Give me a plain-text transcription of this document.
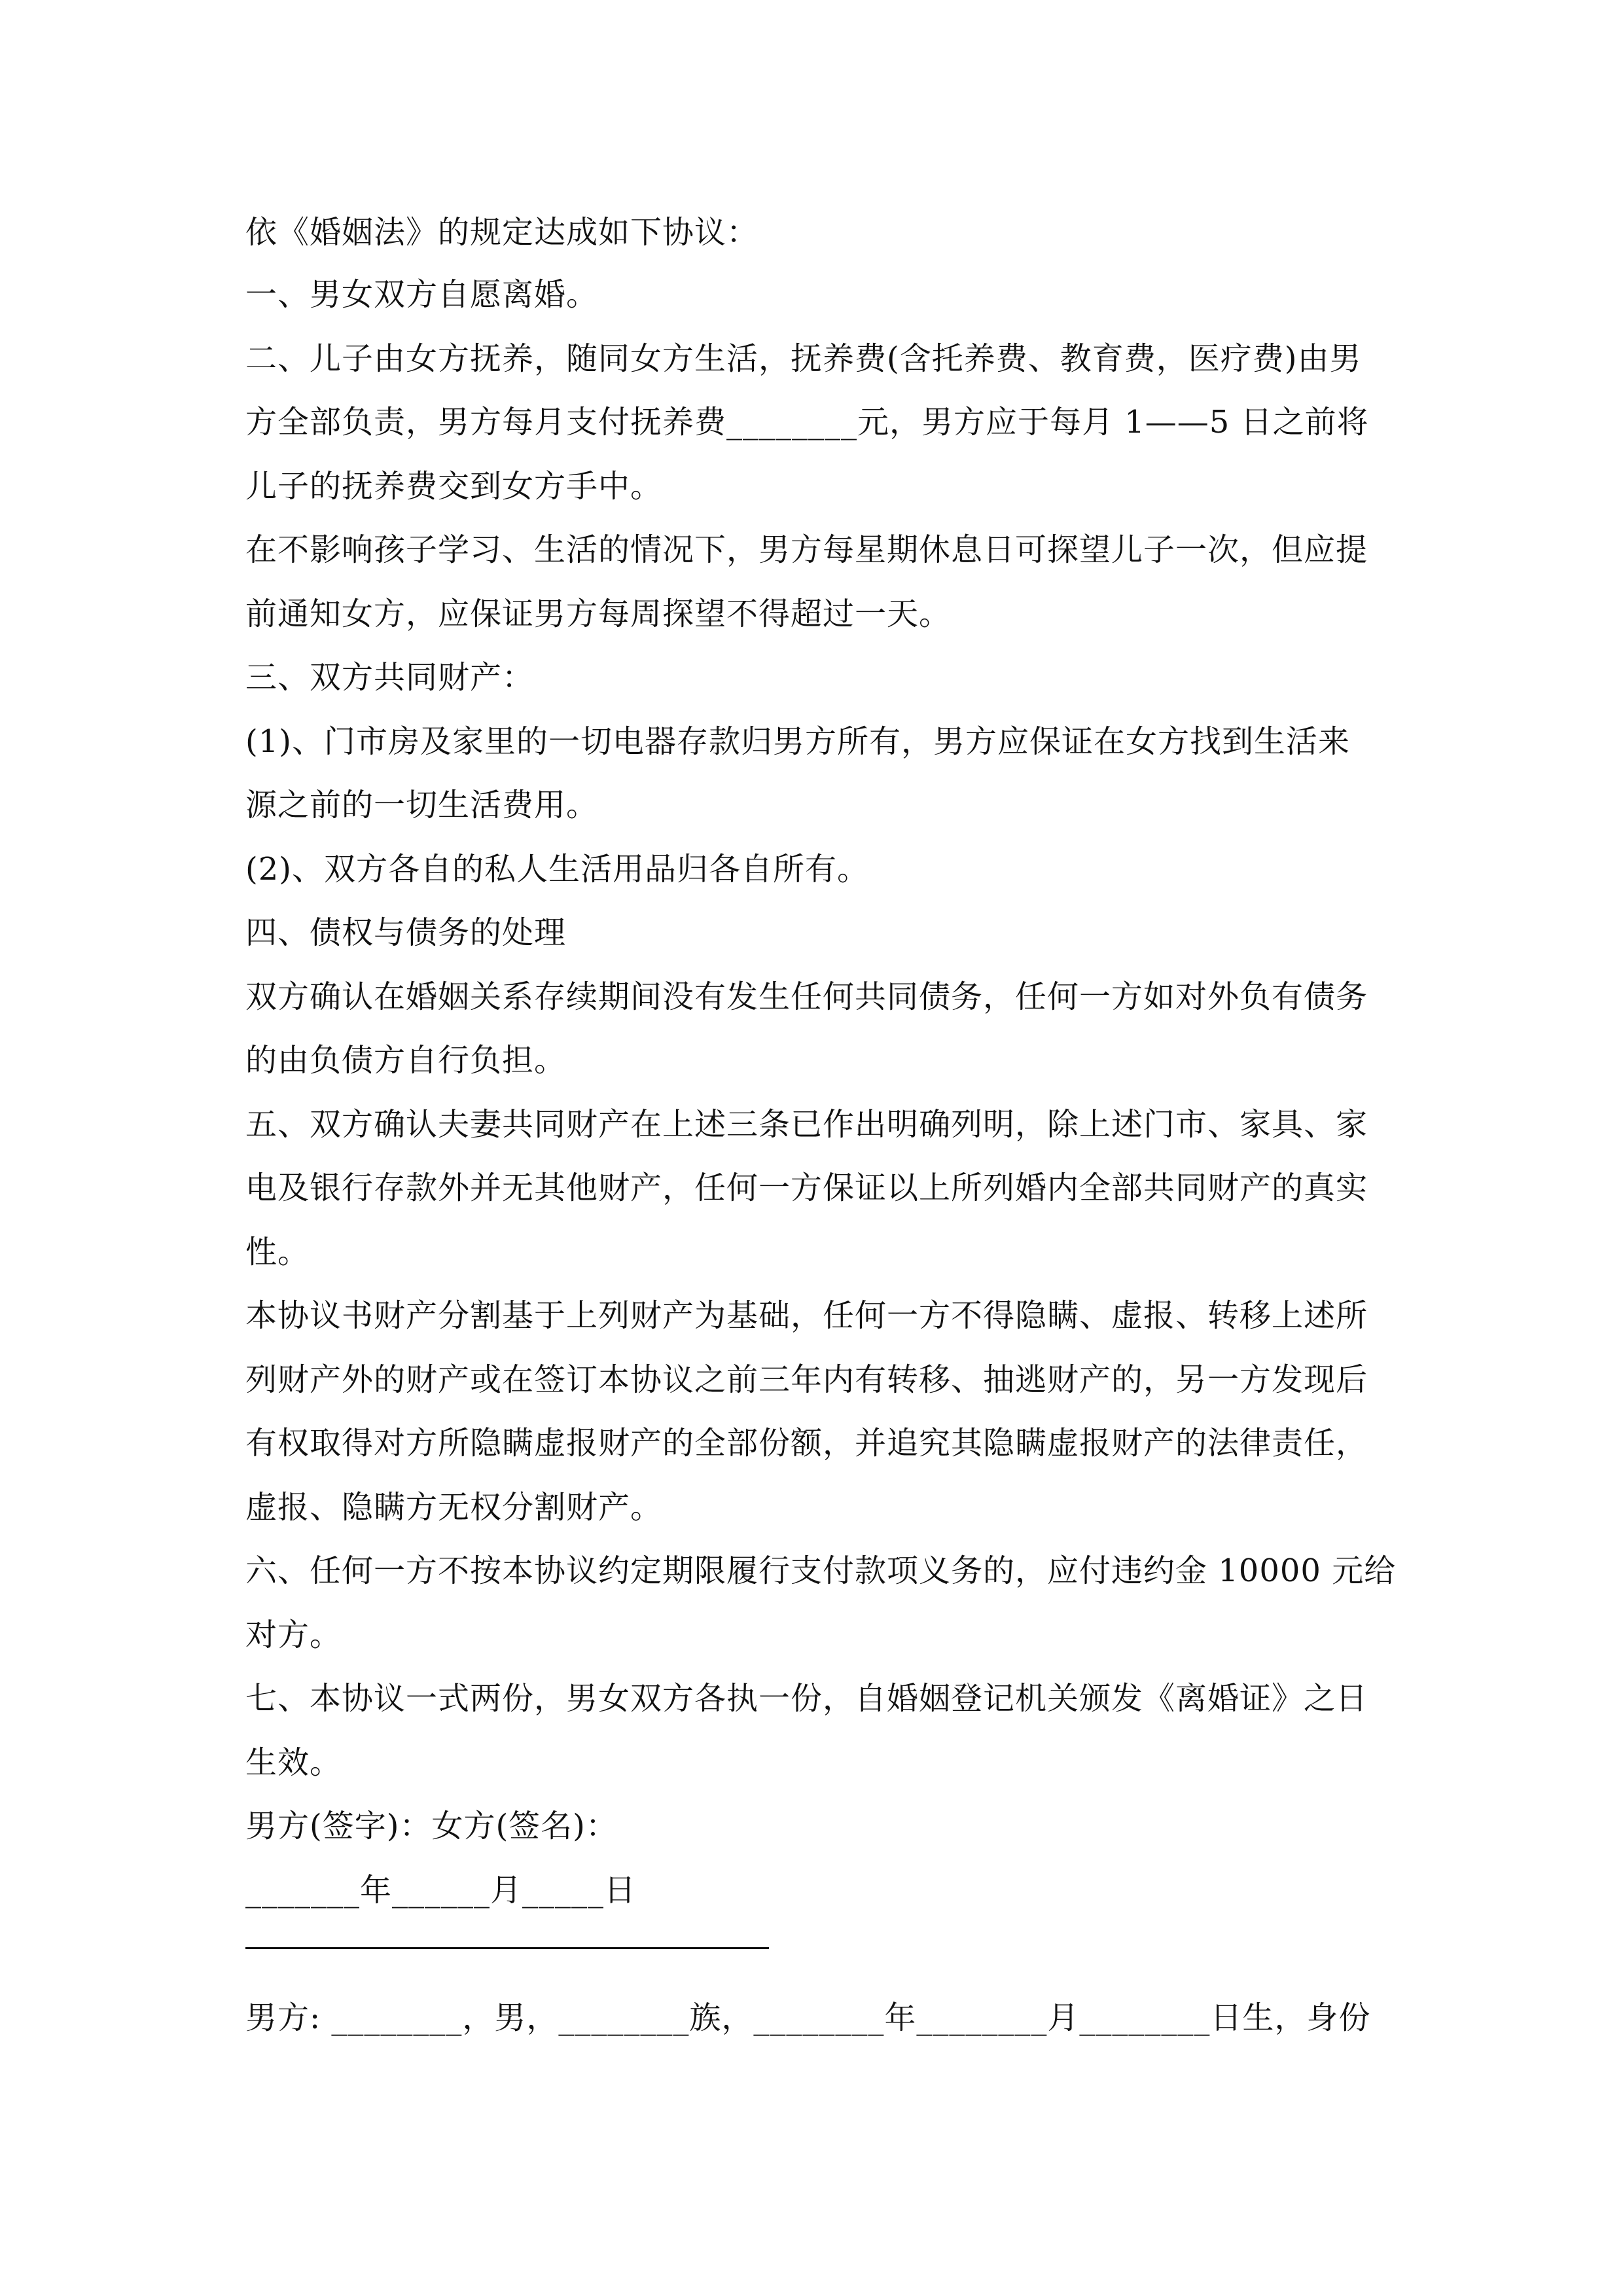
依《婚姻法》的规定达成如下协议：
一、男女双方自愿离婚。
二、儿子由女方抚养，随同女方生活，抚养费(含托养费、教育费，医疗费)由男
方全部负责，男方每月支付抚养费________元，男方应于每月 1——5 日之前将
儿子的抚养费交到女方手中。
在不影响孩子学习、生活的情况下，男方每星期休息日可探望儿子一次，但应提
前通知女方，应保证男方每周探望不得超过一天。
三、双方共同财产：
(1)、门市房及家里的一切电器存款归男方所有，男方应保证在女方找到生活来
源之前的一切生活费用。
(2)、双方各自的私人生活用品归各自所有。
四、债权与债务的处理
双方确认在婚姻关系存续期间没有发生任何共同债务，任何一方如对外负有债务
的由负债方自行负担。
五、双方确认夫妻共同财产在上述三条已作出明确列明，除上述门市、家具、家
电及银行存款外并无其他财产，任何一方保证以上所列婚内全部共同财产的真实
性。
本协议书财产分割基于上列财产为基础，任何一方不得隐瞒、虚报、转移上述所
列财产外的财产或在签订本协议之前三年内有转移、抽逃财产的，另一方发现后
有权取得对方所隐瞒虚报财产的全部份额，并追究其隐瞒虚报财产的法律责任，
虚报、隐瞒方无权分割财产。
六、任何一方不按本协议约定期限履行支付款项义务的，应付违约金 10000 元给
对方。
七、本协议一式两份，男女双方各执一份，自婚姻登记机关颁发《离婚证》之日
生效。
男方(签字)：女方(签名)：
_______年______月_____日
男方: ________，男，________族，________年________月________日生，身份
